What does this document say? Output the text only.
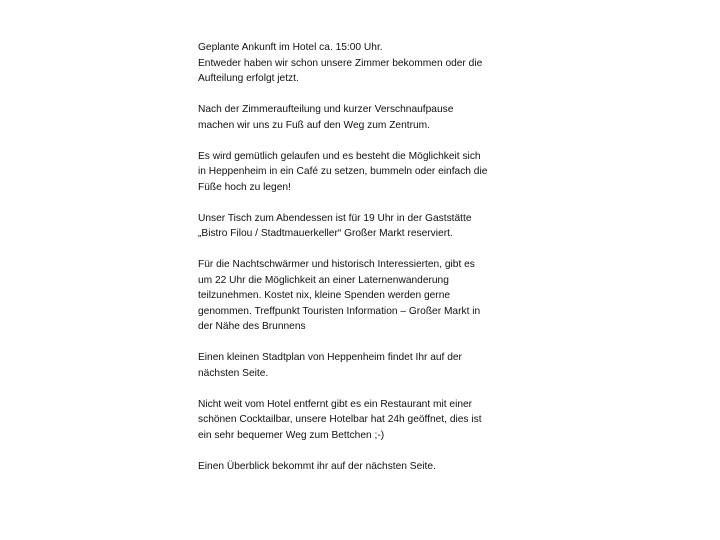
Geplante Ankunft im Hotel ca. 15:00 Uhr.
Entweder haben wir schon unsere Zimmer bekommen oder die
Aufteilung erfolgt jetzt.

Nach der Zimmeraufteilung und kurzer Verschnaufpause
machen wir uns zu Fuß auf den Weg zum Zentrum.

Es wird gemütlich gelaufen und es besteht die Möglichkeit sich
in Heppenheim in ein Café zu setzen, bummeln oder einfach die
Füße hoch zu legen!

Unser Tisch zum Abendessen ist für 19 Uhr in der Gaststätte
„Bistro Filou / Stadtmauerkeller“ Großer Markt reserviert.

Für die Nachtschwärmer und historisch Interessierten, gibt es
um 22 Uhr die Möglichkeit an einer Laternenwanderung
teilzunehmen. Kostet nix, kleine Spenden werden gerne
genommen. Treffpunkt Touristen Information – Großer Markt in
der Nähe des Brunnens

Einen kleinen Stadtplan von Heppenheim findet Ihr auf der
nächsten Seite.

Nicht weit vom Hotel entfernt gibt es ein Restaurant mit einer
schönen Cocktailbar, unsere Hotelbar hat 24h geöffnet, dies ist
ein sehr bequemer Weg zum Bettchen ;-)

Einen Überblick bekommt ihr auf der nächsten Seite.
